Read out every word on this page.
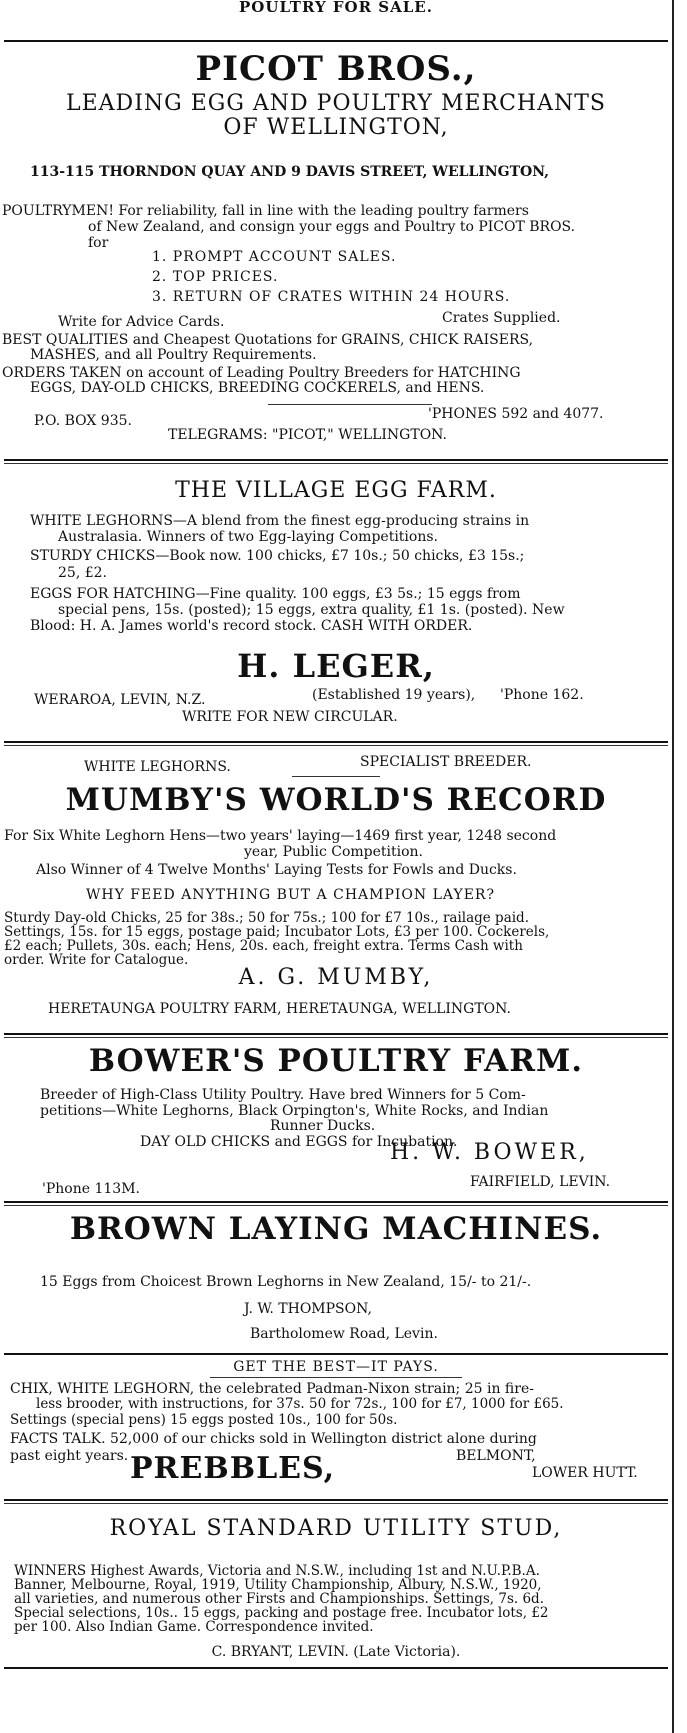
POULTRY FOR SALE.
PICOT BROS.,
LEADING EGG AND POULTRY MERCHANTS
OF WELLINGTON,
113-115 THORNDON QUAY AND 9 DAVIS STREET, WELLINGTON,
POULTRYMEN! For reliability, fall in line with the leading poultry farmers
of New Zealand, and consign your eggs and Poultry to PICOT BROS.
for
1. PROMPT ACCOUNT SALES.
2. TOP PRICES.
3. RETURN OF CRATES WITHIN 24 HOURS.
Write for Advice Cards.	Crates Supplied.
BEST QUALITIES and Cheapest Quotations for GRAINS, CHICK RAISERS,
MASHES, and all Poultry Requirements.
ORDERS TAKEN on account of Leading Poultry Breeders for HATCHING
EGGS, DAY-OLD CHICKS, BREEDING COCKERELS, and HENS.
P.O. BOX 935.	'PHONES 592 and 4077.
TELEGRAMS: "PICOT," WELLINGTON.
THE VILLAGE EGG FARM.
WHITE LEGHORNS—A blend from the finest egg-producing strains in
Australasia. Winners of two Egg-laying Competitions.
STURDY CHICKS—Book now. 100 chicks, £7 10s.; 50 chicks, £3 15s.;
25, £2.
EGGS FOR HATCHING—Fine quality. 100 eggs, £3 5s.; 15 eggs from
special pens, 15s. (posted); 15 eggs, extra quality, £1 1s. (posted). New
Blood: H. A. James world's record stock. CASH WITH ORDER.
H. LEGER,
WERAROA, LEVIN, N.Z.	(Established 19 years), 'Phone 162.
WRITE FOR NEW CIRCULAR.
WHITE LEGHORNS.	SPECIALIST BREEDER.
MUMBY'S WORLD'S RECORD
For Six White Leghorn Hens—two years' laying—1469 first year, 1248 second
year, Public Competition.
Also Winner of 4 Twelve Months' Laying Tests for Fowls and Ducks.
WHY FEED ANYTHING BUT A CHAMPION LAYER?
Sturdy Day-old Chicks, 25 for 38s.; 50 for 75s.; 100 for £7 10s., railage paid.
Settings, 15s. for 15 eggs, postage paid; Incubator Lots, £3 per 100. Cockerels,
£2 each; Pullets, 30s. each; Hens, 20s. each, freight extra. Terms Cash with
order. Write for Catalogue.
A. G. MUMBY,
HERETAUNGA POULTRY FARM, HERETAUNGA, WELLINGTON.
BOWER'S POULTRY FARM.
Breeder of High-Class Utility Poultry. Have bred Winners for 5 Com-
petitions—White Leghorns, Black Orpington's, White Rocks, and Indian
Runner Ducks.
DAY OLD CHICKS and EGGS for Incubation.
H. W. BOWER,
'Phone 113M.	FAIRFIELD, LEVIN.
BROWN LAYING MACHINES.
15 Eggs from Choicest Brown Leghorns in New Zealand, 15/- to 21/-.
J. W. THOMPSON,
Bartholomew Road, Levin.
GET THE BEST—IT PAYS.
CHIX, WHITE LEGHORN, the celebrated Padman-Nixon strain; 25 in fire-
less brooder, with instructions, for 37s. 50 for 72s., 100 for £7, 1000 for £65.
Settings (special pens) 15 eggs posted 10s., 100 for 50s.
FACTS TALK. 52,000 of our chicks sold in Wellington district alone during
past eight years. PREBBLES,	BELMONT,
LOWER HUTT.
ROYAL STANDARD UTILITY STUD,
WINNERS Highest Awards, Victoria and N.S.W., including 1st and N.U.P.B.A.
Banner, Melbourne, Royal, 1919, Utility Championship, Albury, N.S.W., 1920,
all varieties, and numerous other Firsts and Championships. Settings, 7s. 6d.
Special selections, 10s.. 15 eggs, packing and postage free. Incubator lots, £2
per 100. Also Indian Game. Correspondence invited.
C. BRYANT, LEVIN. (Late Victoria).
